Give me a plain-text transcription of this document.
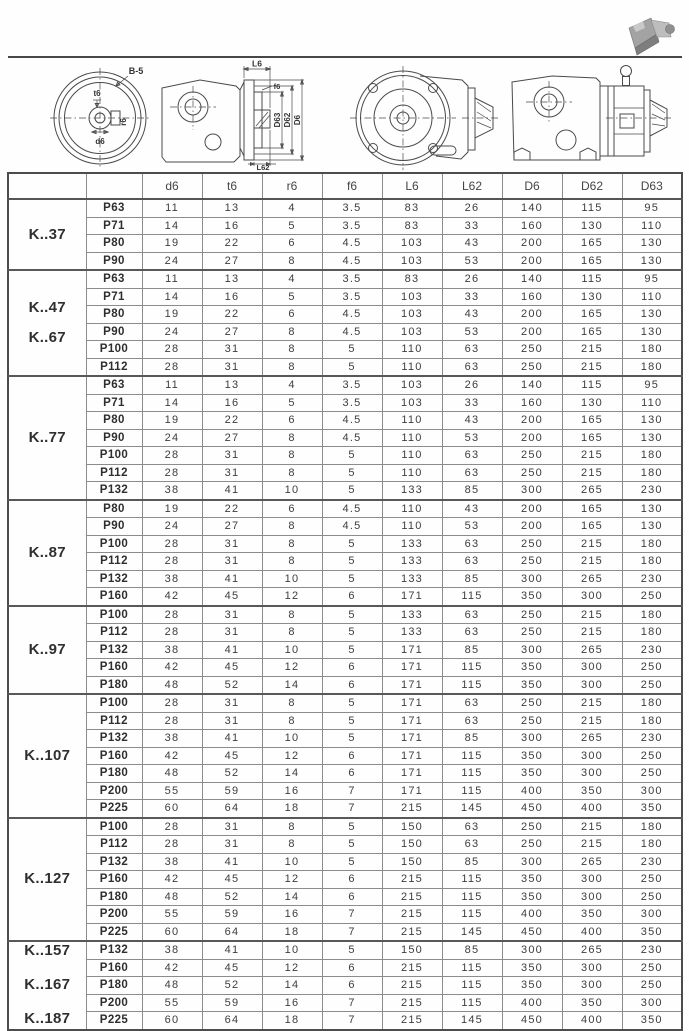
B-5
t6
r6
d6
L6
f6
D63 D62 D6
L62
		d6	t6	r6	f6	L6	L62	D6	D62	D63

K..37	P63	11	13	4	3.5	83	26	140	115	95
	P71	14	16	5	3.5	83	33	160	130	110
	P80	19	22	6	4.5	103	43	200	165	130
	P90	24	27	8	4.5	103	53	200	165	130

K..47
K..67	P63	11	13	4	3.5	83	26	140	115	95
	P71	14	16	5	3.5	103	33	160	130	110
	P80	19	22	6	4.5	103	43	200	165	130
	P90	24	27	8	4.5	103	53	200	165	130
	P100	28	31	8	5	110	63	250	215	180
	P112	28	31	8	5	110	63	250	215	180

K..77	P63	11	13	4	3.5	103	26	140	115	95
	P71	14	16	5	3.5	103	33	160	130	110
	P80	19	22	6	4.5	110	43	200	165	130
	P90	24	27	8	4.5	110	53	200	165	130
	P100	28	31	8	5	110	63	250	215	180
	P112	28	31	8	5	110	63	250	215	180
	P132	38	41	10	5	133	85	300	265	230

K..87	P80	19	22	6	4.5	110	43	200	165	130
	P90	24	27	8	4.5	110	53	200	165	130
	P100	28	31	8	5	133	63	250	215	180
	P112	28	31	8	5	133	63	250	215	180
	P132	38	41	10	5	133	85	300	265	230
	P160	42	45	12	6	171	115	350	300	250

K..97	P100	28	31	8	5	133	63	250	215	180
	P112	28	31	8	5	133	63	250	215	180
	P132	38	41	10	5	171	85	300	265	230
	P160	42	45	12	6	171	115	350	300	250
	P180	48	52	14	6	171	115	350	300	250

K..107	P100	28	31	8	5	171	63	250	215	180
	P112	28	31	8	5	171	63	250	215	180
	P132	38	41	10	5	171	85	300	265	230
	P160	42	45	12	6	171	115	350	300	250
	P180	48	52	14	6	171	115	350	300	250
	P200	55	59	16	7	171	115	400	350	300
	P225	60	64	18	7	215	145	450	400	350

K..127	P100	28	31	8	5	150	63	250	215	180
	P112	28	31	8	5	150	63	250	215	180
	P132	38	41	10	5	150	85	300	265	230
	P160	42	45	12	6	215	115	350	300	250
	P180	48	52	14	6	215	115	350	300	250
	P200	55	59	16	7	215	115	400	350	300
	P225	60	64	18	7	215	145	450	400	350

K..157
K..167
K..187	P132	38	41	10	5	150	85	300	265	230
	P160	42	45	12	6	215	115	350	300	250
	P180	48	52	14	6	215	115	350	300	250
	P200	55	59	16	7	215	115	400	350	300
	P225	60	64	18	7	215	145	450	400	350
